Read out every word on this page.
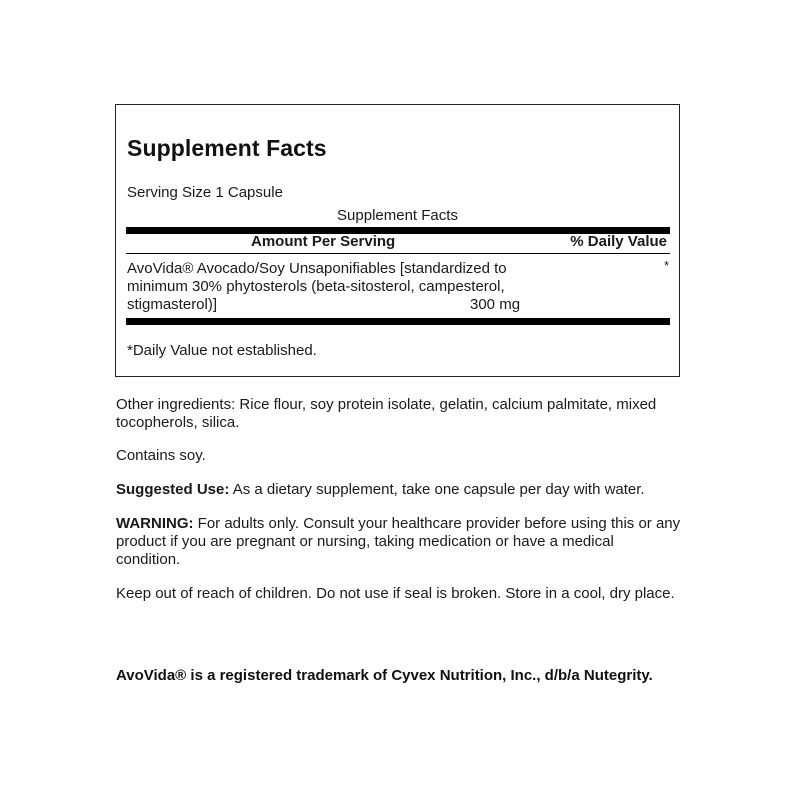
Supplement Facts
Serving Size 1 Capsule
Supplement Facts
Amount Per Serving	% Daily Value
AvoVida® Avocado/Soy Unsaponifiables [standardized to minimum 30% phytosterols (beta-sitosterol, campesterol, stigmasterol)]	300 mg
*
*Daily Value not established.
Other ingredients: Rice flour, soy protein isolate, gelatin, calcium palmitate, mixed tocopherols, silica.
Contains soy.
Suggested Use: As a dietary supplement, take one capsule per day with water.
WARNING: For adults only. Consult your healthcare provider before using this or any product if you are pregnant or nursing, taking medication or have a medical condition.
Keep out of reach of children. Do not use if seal is broken. Store in a cool, dry place.
AvoVida® is a registered trademark of Cyvex Nutrition, Inc., d/b/a Nutegrity.
